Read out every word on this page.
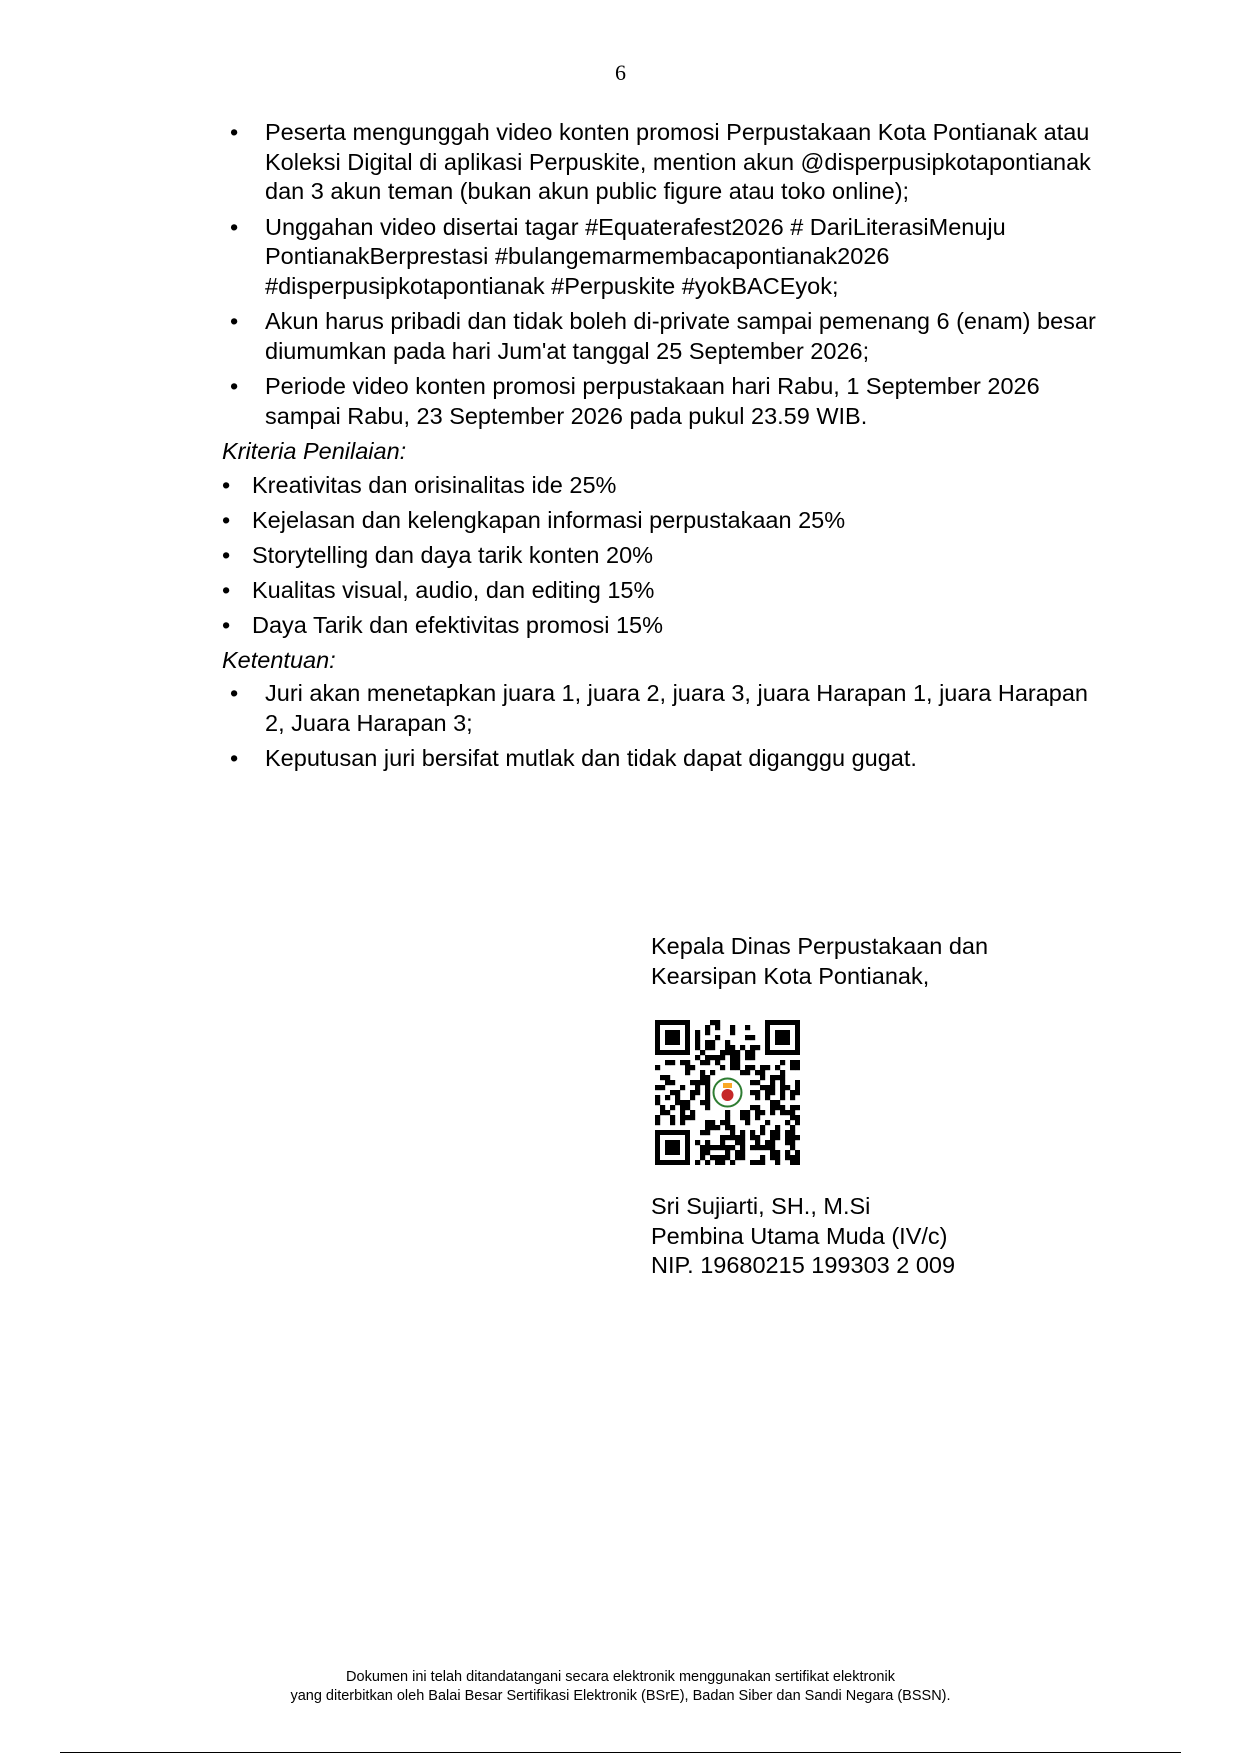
6
• Peserta mengunggah video konten promosi Perpustakaan Kota Pontianak atau Koleksi Digital di aplikasi Perpuskite, mention akun @disperpusipkotapontianak dan 3 akun teman (bukan akun public figure atau toko online);
• Unggahan video disertai tagar #Equaterafest2026 # DariLiterasiMenuju PontianakBerprestasi #bulangemarmembacapontianak2026 #disperpusipkotapontianak #Perpuskite #yokBACEyok;
• Akun harus pribadi dan tidak boleh di-private sampai pemenang 6 (enam) besar diumumkan pada hari Jum'at tanggal 25 September 2026;
• Periode video konten promosi perpustakaan hari Rabu, 1 September 2026 sampai Rabu, 23 September 2026 pada pukul 23.59 WIB.

Kriteria Penilaian:

• Kreativitas dan orisinalitas ide 25%
• Kejelasan dan kelengkapan informasi perpustakaan 25%
• Storytelling dan daya tarik konten 20%
• Kualitas visual, audio, dan editing 15%
• Daya Tarik dan efektivitas promosi 15%

Ketentuan:

• Juri akan menetapkan juara 1, juara 2, juara 3, juara Harapan 1, juara Harapan 2, Juara Harapan 3;
• Keputusan juri bersifat mutlak dan tidak dapat diganggu gugat.
Kepala Dinas Perpustakaan dan
Kearsipan Kota Pontianak,
Sri Sujiarti, SH., M.Si
Pembina Utama Muda (IV/c)
NIP. 19680215 199303 2 009
Dokumen ini telah ditandatangani secara elektronik menggunakan sertifikat elektronik
yang diterbitkan oleh Balai Besar Sertifikasi Elektronik (BSrE), Badan Siber dan Sandi Negara (BSSN).
